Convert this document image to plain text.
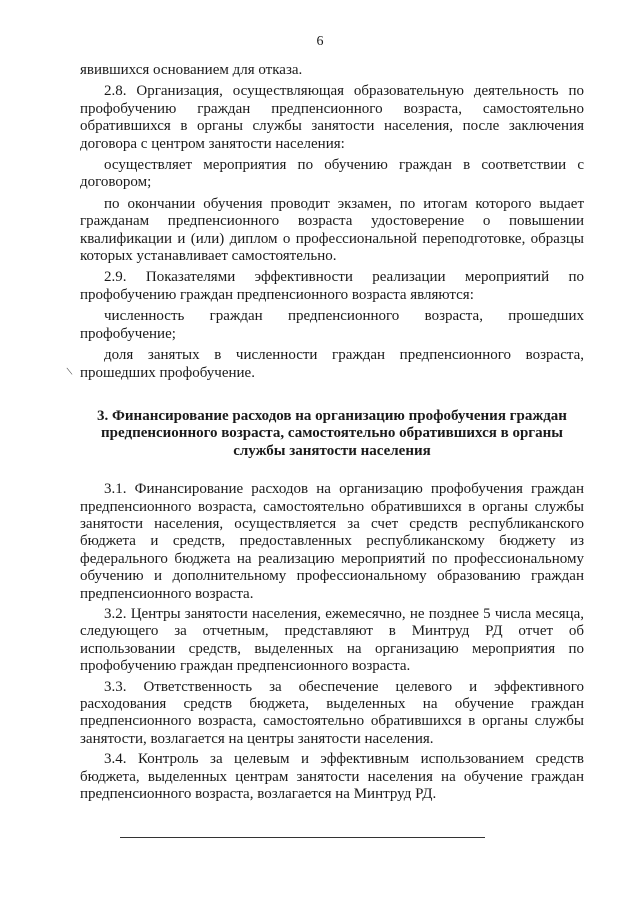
6
\

явившихся основанием для отказа.

2.8. Организация, осуществляющая образовательную деятельность по профобучению граждан предпенсионного возраста, самостоятельно обратившихся в органы службы занятости населения, после заключения договора с центром занятости населения:

осуществляет мероприятия по обучению граждан в соответствии с договором;

по окончании обучения проводит экзамен, по итогам которого выдает гражданам предпенсионного возраста удостоверение о повышении квалификации и (или) диплом о профессиональной переподготовке, образцы которых устанавливает самостоятельно.

2.9. Показателями эффективности реализации мероприятий по профобучению граждан предпенсионного возраста являются:

численность граждан предпенсионного возраста, прошедших профобучение;

доля занятых в численности граждан предпенсионного возраста, прошедших профобучение.

3. Финансирование расходов на организацию профобучения граждан предпенсионного возраста, самостоятельно обратившихся в органы службы занятости населения

3.1. Финансирование расходов на организацию профобучения граждан предпенсионного возраста, самостоятельно обратившихся в органы службы занятости населения, осуществляется за счет средств республиканского бюджета и средств, предоставленных республиканскому бюджету из федерального бюджета на реализацию мероприятий по профессиональному обучению и дополнительному профессиональному образованию граждан предпенсионного возраста.

3.2. Центры занятости населения, ежемесячно, не позднее 5 числа месяца, следующего за отчетным, представляют в Минтруд РД отчет об использовании средств, выделенных на организацию мероприятия по профобучению граждан предпенсионного возраста.

3.3. Ответственность за обеспечение целевого и эффективного расходования средств бюджета, выделенных на обучение граждан предпенсионного возраста, самостоятельно обратившихся в органы службы занятости, возлагается на центры занятости населения.

3.4. Контроль за целевым и эффективным использованием средств бюджета, выделенных центрам занятости населения на обучение граждан предпенсионного возраста, возлагается на Минтруд РД.
